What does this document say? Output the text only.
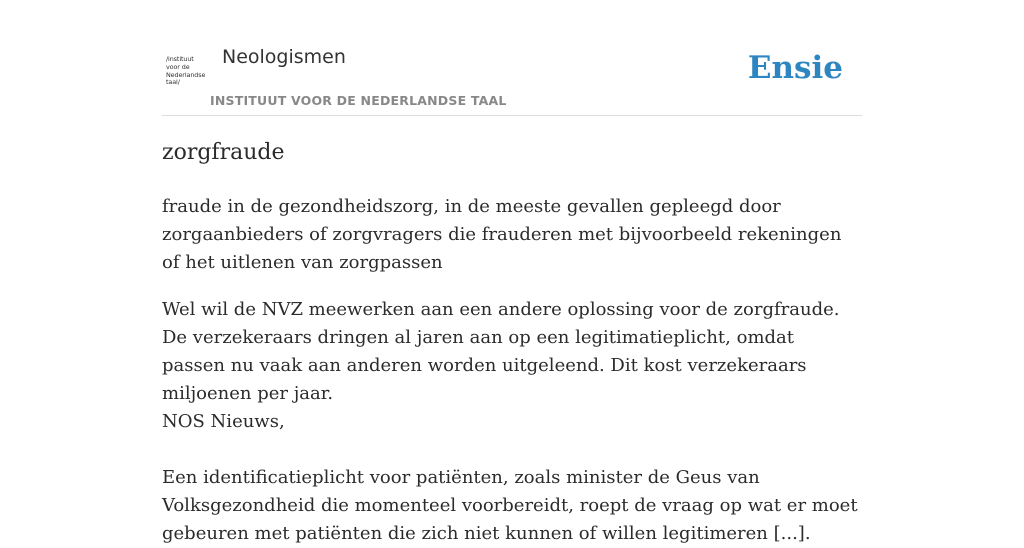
/instituut
voor de
Nederlandse
taal/
Neologismen
INSTITUUT VOOR DE NEDERLANDSE TAAL
Ensie
zorgfraude

fraude in de gezondheidszorg, in de meeste gevallen gepleegd door zorgaanbieders of zorgvragers die frauderen met bijvoorbeeld rekeningen of het uitlenen van zorgpassen

Wel wil de NVZ meewerken aan een andere oplossing voor de zorgfraude. De verzekeraars dringen al jaren aan op een legitimatieplicht, omdat passen nu vaak aan anderen worden uitgeleend. Dit kost verzekeraars miljoenen per jaar.

NOS Nieuws,

Een identificatieplicht voor patiënten, zoals minister de Geus van Volksgezondheid die momenteel voorbereidt, roept de vraag op wat er moet gebeuren met patiënten die zich niet kunnen of willen legitimeren [...].
